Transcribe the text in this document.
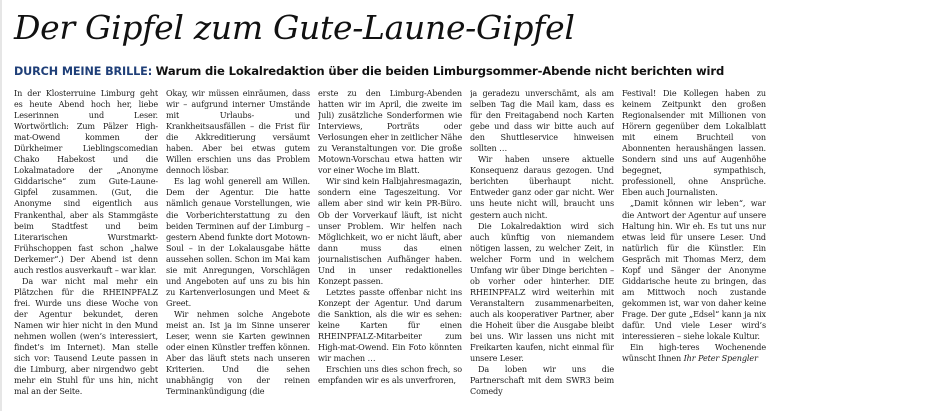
Der Gipfel zum Gute-Laune-Gipfel
DURCH MEINE BRILLE: Warum die Lokalredaktion über die beiden Limburgsommer-Abende nicht berichten wird

In der Klosterruine Limburg geht es heute Abend hoch her, liebe Leserinnen und Leser. Wortwörtlich: Zum Pälzer High-mat-Owend kommen der Dürkheimer Lieblingscomedian Chako Habekost und die Lokalmatadore der „Anonyme Giddarische“ zum Gute-Laune-Gipfel zusammen. (Gut, die Anonyme sind eigentlich aus Frankenthal, aber als Stammgäste beim Stadtfest und beim Literarischen Wurstmarkt-Frühschoppen fast schon „halwe Derkemer“.) Der Abend ist denn auch restlos ausverkauft – war klar.

Da war nicht mal mehr ein Plätzchen für die RHEINPFALZ frei. Wurde uns diese Woche von der Agentur bekundet, deren Namen wir hier nicht in den Mund nehmen wollen (wen’s interessiert, findet’s im Internet). Man stelle sich vor: Tausend Leute passen in die Limburg, aber nirgendwo gebt mehr ein Stuhl für uns hin, nicht mal an der Seite.

Okay, wir müssen einräumen, dass wir – aufgrund interner Umstände mit Urlaubs- und Krankheitsausfällen – die Frist für die Akkreditierung versäumt haben. Aber bei etwas gutem Willen erschien uns das Problem dennoch lösbar.

Es lag wohl generell am Willen. Dem der Agentur. Die hatte nämlich genaue Vorstellungen, wie die Vorberichterstattung zu den beiden Terminen auf der Limburg – gestern Abend funkte dort Motown-Soul – in der Lokalausgabe hätte aussehen sollen. Schon im Mai kam sie mit Anregungen, Vorschlägen und Angeboten auf uns zu bis hin zu Kartenverlosungen und Meet & Greet.

Wir nehmen solche Angebote meist an. Ist ja im Sinne unserer Leser, wenn sie Karten gewinnen oder einen Künstler treffen können. Aber das läuft stets nach unseren Kriterien. Und die sehen unabhängig von der reinen Terminankündigung (die

erste zu den Limburg-Abenden hatten wir im April, die zweite im Juli) zusätzliche Sonderformen wie Interviews, Porträts oder Verlosungen eher in zeitlicher Nähe zu Veranstaltungen vor. Die große Motown-Vorschau etwa hatten wir vor einer Woche im Blatt.

Wir sind kein Halbjahresmagazin, sondern eine Tageszeitung. Vor allem aber sind wir kein PR-Büro. Ob der Vorverkauf läuft, ist nicht unser Problem. Wir helfen nach Möglichkeit, wo er nicht läuft, aber dann muss das einen journalistischen Aufhänger haben. Und in unser redaktionelles Konzept passen.

Letztes passte offenbar nicht ins Konzept der Agentur. Und darum die Sanktion, als die wir es sehen: keine Karten für einen RHEINPFALZ-Mitarbeiter zum High-mat-Owend. Ein Foto könnten wir machen …

Erschien uns dies schon frech, so empfanden wir es als unverfroren,

ja geradezu unverschämt, als am selben Tag die Mail kam, dass es für den Freitagabend noch Karten gebe und dass wir bitte auch auf den Shuttleservice hinweisen sollten …

Wir haben unsere aktuelle Konsequenz daraus gezogen. Und berichten überhaupt nicht. Entweder ganz oder gar nicht. Wer uns heute nicht will, braucht uns gestern auch nicht.

Die Lokalredaktion wird sich auch künftig von niemandem nötigen lassen, zu welcher Zeit, in welcher Form und in welchem Umfang wir über Dinge berichten – ob vorher oder hinterher. DIE RHEINPFALZ wird weiterhin mit Veranstaltern zusammenarbeiten, auch als kooperativer Partner, aber die Hoheit über die Ausgabe bleibt bei uns. Wir lassen uns nicht mit Freikarten kaufen, nicht einmal für unsere Leser.

Da loben wir uns die Partnerschaft mit dem SWR3 beim Comedy

Festival! Die Kollegen haben zu keinem Zeitpunkt den großen Regionalsender mit Millionen von Hörern gegenüber dem Lokalblatt mit einem Bruchteil von Abonnenten heraushängen lassen. Sondern sind uns auf Augenhöhe begegnet, sympathisch, professionell, ohne Ansprüche. Eben auch Journalisten.

„Damit können wir leben“, war die Antwort der Agentur auf unsere Haltung hin. Wir eh. Es tut uns nur etwas leid für unsere Leser. Und natürlich für die Künstler. Ein Gespräch mit Thomas Merz, dem Kopf und Sänger der Anonyme Giddarische heute zu bringen, das am Mittwoch noch zustande gekommen ist, war von daher keine Frage. Der gute „Edsel“ kann ja nix dafür. Und viele Leser wird’s interessieren – siehe lokale Kultur.

Ein high-teres Wochenende wünscht Ihnen Ihr Peter Spengler
